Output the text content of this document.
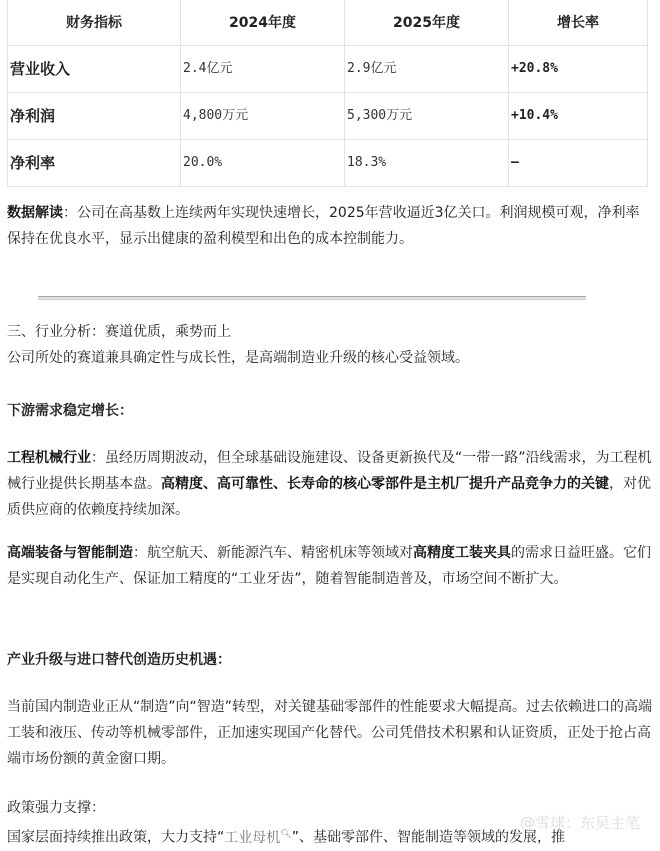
财务指标	2024年度	2025年度	增长率
营业收入	2.4亿元	2.9亿元	+20.8%
净利润	4,800万元	5,300万元	+10.4%
净利率	20.0%	18.3%	—
数据解读：公司在高基数上连续两年实现快速增长，2025年营收逼近3亿关口。利润规模可观，净利率保持在优良水平，显示出健康的盈利模型和出色的成本控制能力。
三、行业分析：赛道优质，乘势而上
公司所处的赛道兼具确定性与成长性，是高端制造业升级的核心受益领域。
下游需求稳定增长：
工程机械行业：虽经历周期波动，但全球基础设施建设、设备更新换代及“一带一路”沿线需求，为工程机械行业提供长期基本盘。高精度、高可靠性、长寿命的核心零部件是主机厂提升产品竞争力的关键，对优质供应商的依赖度持续加深。
高端装备与智能制造：航空航天、新能源汽车、精密机床等领域对高精度工装夹具的需求日益旺盛。它们是实现自动化生产、保证加工精度的“工业牙齿”，随着智能制造普及，市场空间不断扩大。
产业升级与进口替代创造历史机遇：
当前国内制造业正从“制造”向“智造”转型，对关键基础零部件的性能要求大幅提高。过去依赖进口的高端工装和液压、传动等机械零部件，正加速实现国产化替代。公司凭借技术积累和认证资质，正处于抢占高端市场份额的黄金窗口期。
政策强力支撑：
国家层面持续推出政策，大力支持“工业母机🔍︎”、基础零部件、智能制造等领域的发展，推
@雪球：东吴主笔
